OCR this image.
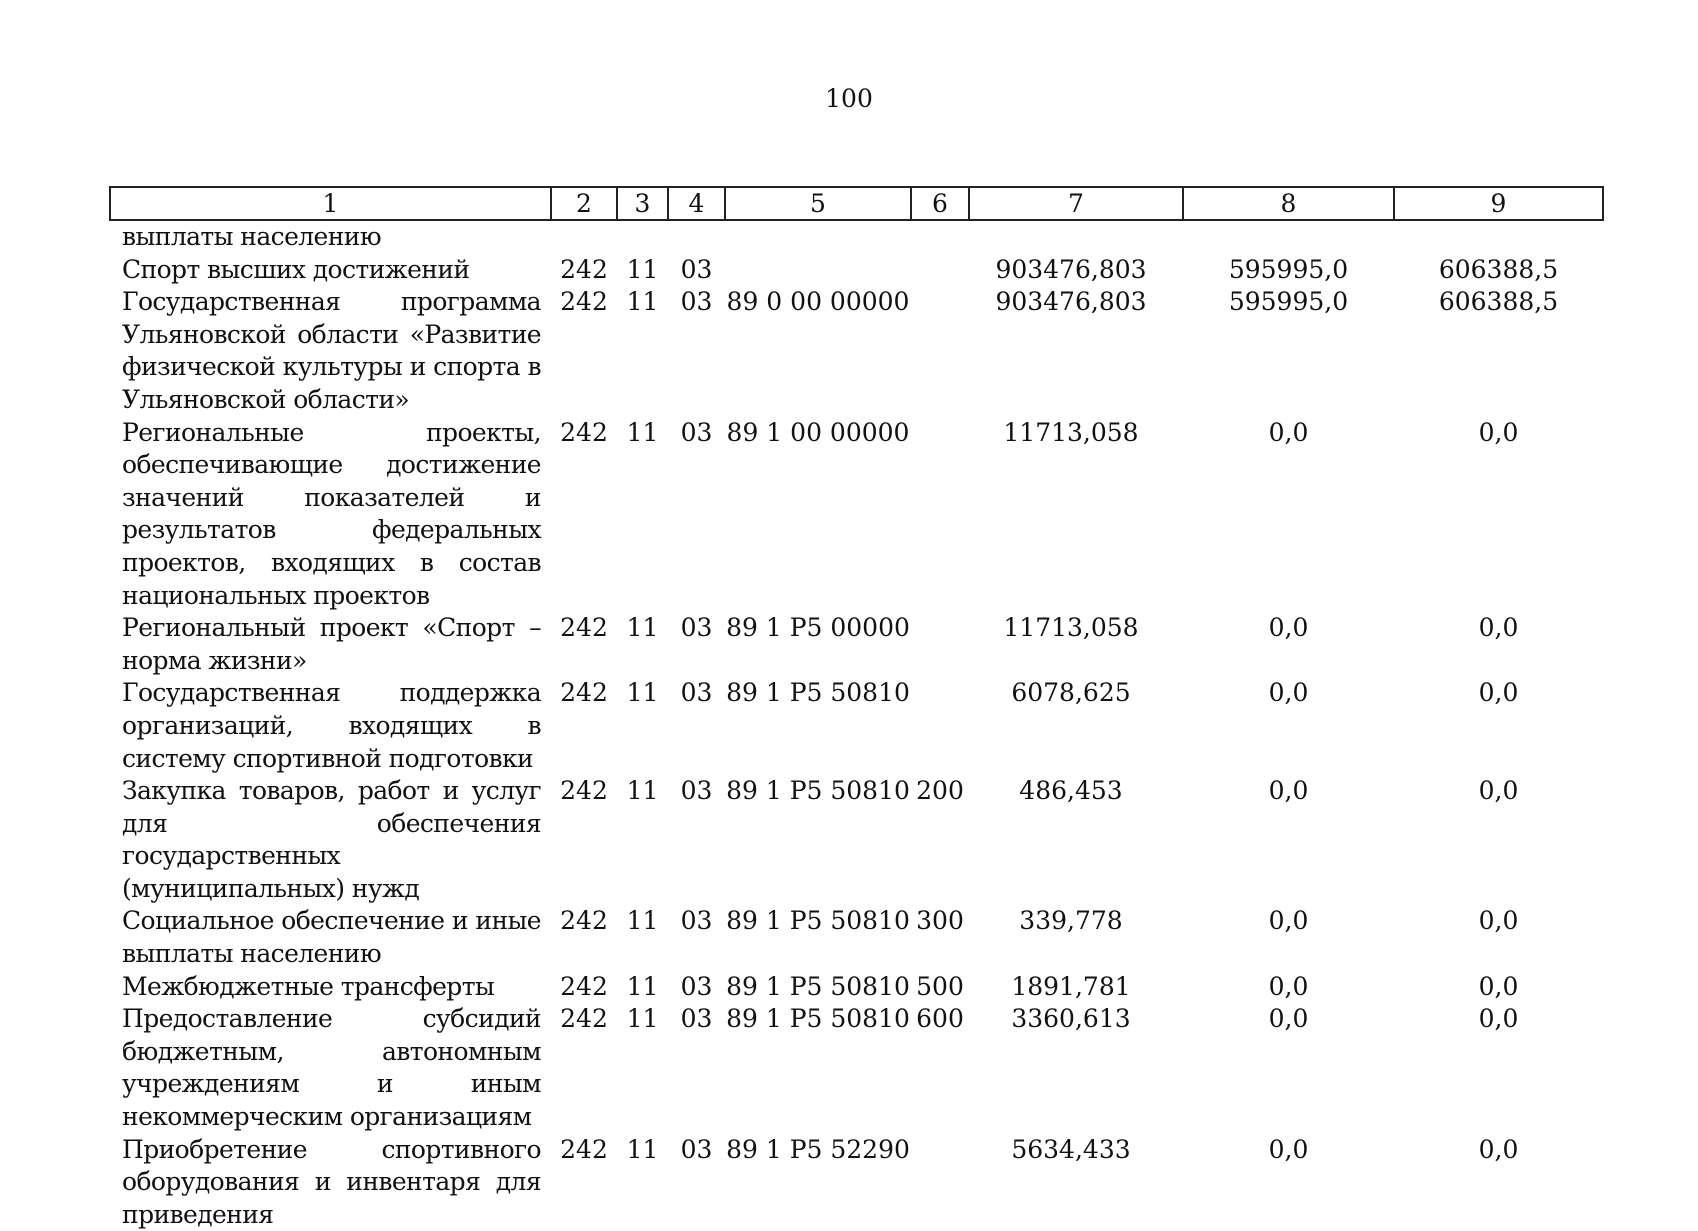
100
1	2	3	4	5	6	7	8	9
выплаты населению								
Спорт высших достижений	242	11	03			903476,803	595995,0	606388,5
Государственная программа Ульяновской области «Развитие физической культуры и спорта в Ульяновской области»	242	11	03	89 0 00 00000		903476,803	595995,0	606388,5
Региональные проекты, обеспечивающие достижение значений показателей и результатов федеральных проектов, входящих в состав национальных проектов	242	11	03	89 1 00 00000		11713,058	0,0	0,0
Региональный проект «Спорт – норма жизни»	242	11	03	89 1 Р5 00000		11713,058	0,0	0,0
Государственная поддержка организаций, входящих в систему спортивной подготовки	242	11	03	89 1 Р5 50810		6078,625	0,0	0,0
Закупка товаров, работ и услуг для обеспечения государственных (муниципальных) нужд	242	11	03	89 1 Р5 50810	200	486,453	0,0	0,0
Социальное обеспечение и иные выплаты населению	242	11	03	89 1 Р5 50810	300	339,778	0,0	0,0
Межбюджетные трансферты	242	11	03	89 1 Р5 50810	500	1891,781	0,0	0,0
Предоставление субсидий бюджетным, автономным учреждениям и иным некоммерческим организациям	242	11	03	89 1 Р5 50810	600	3360,613	0,0	0,0
Приобретение спортивного оборудования и инвентаря для приведения	242	11	03	89 1 Р5 52290		5634,433	0,0	0,0
